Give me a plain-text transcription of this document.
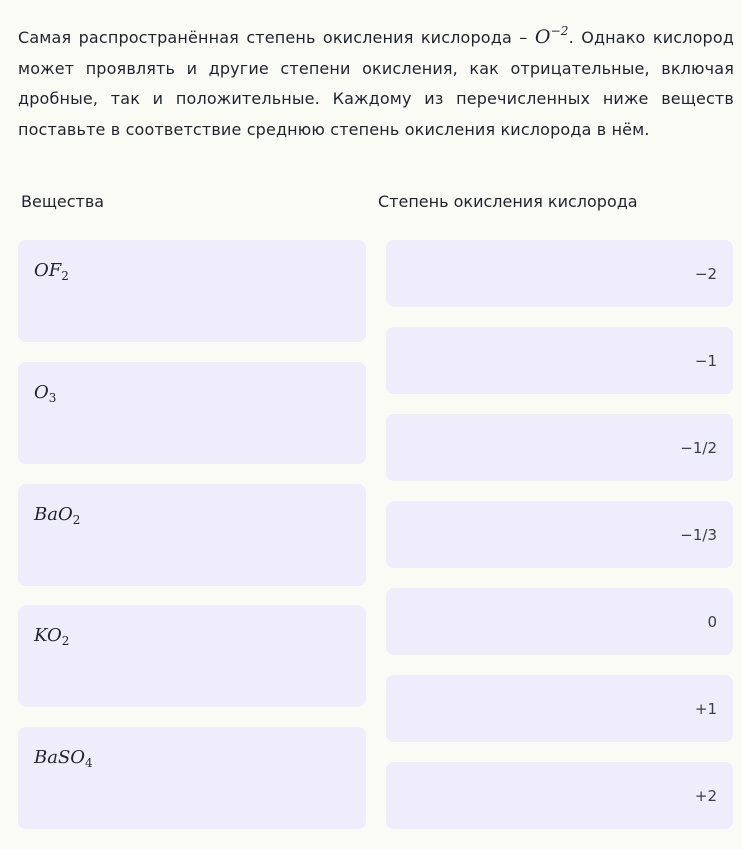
Самая распространённая степень окисления кислорода – $O^{-2}$. Однако кислород может проявлять и другие степени окисления, как отрицательные, включая дробные, так и положительные. Каждому из перечисленных ниже веществ поставьте в соответствие среднюю степень окисления кислорода в нём.

Вещества	Степень окисления кислорода
$OF_2$
$O_3$
BaO$_2$
$KO_2$
BaSO$_4$
−2
−1
−1/2
−1/3
0
+1
+2
